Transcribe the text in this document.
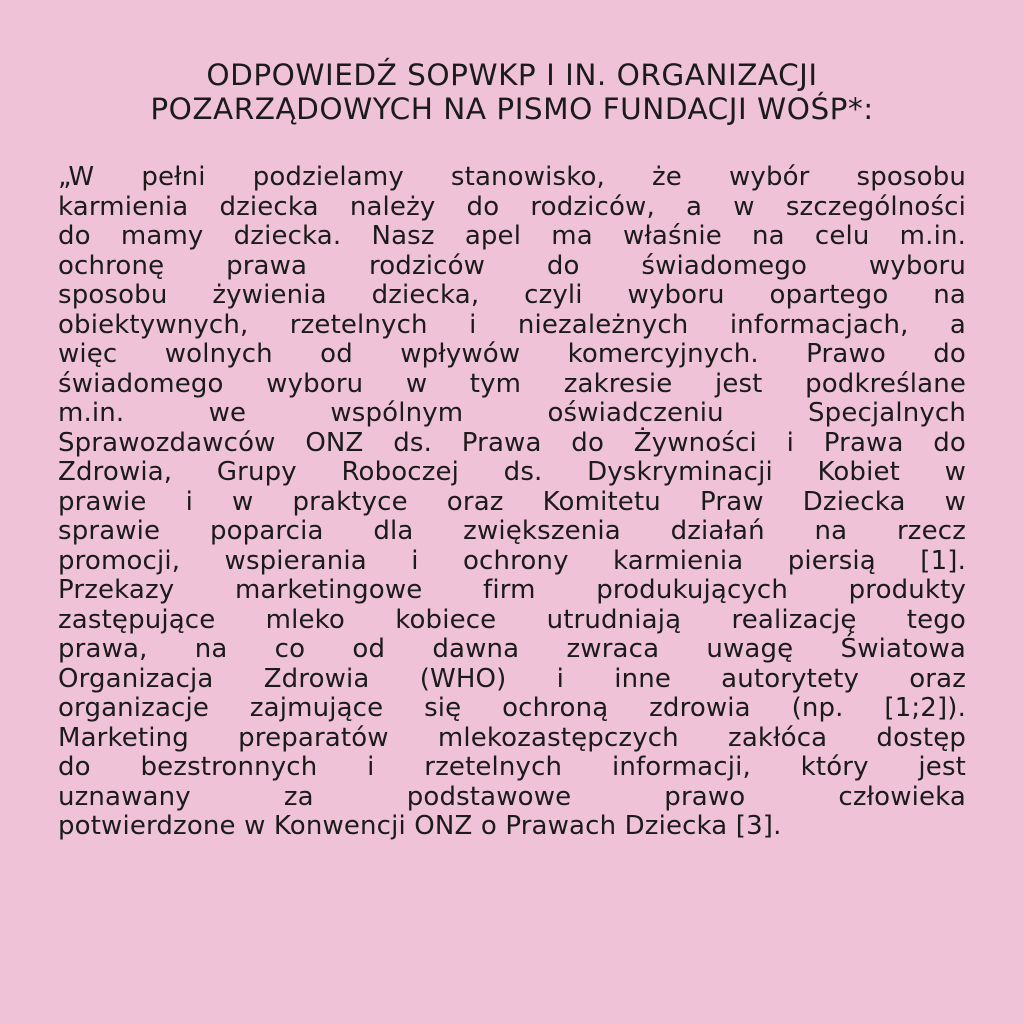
ODPOWIEDŹ SOPWKP I IN. ORGANIZACJI
POZARZĄDOWYCH NA PISMO FUNDACJI WOŚP*:
„W pełni podzielamy stanowisko, że wybór sposobu
karmienia dziecka należy do rodziców, a w szczególności
do mamy dziecka. Nasz apel ma właśnie na celu m.in.
ochronę prawa rodziców do świadomego wyboru
sposobu żywienia dziecka, czyli wyboru opartego na
obiektywnych, rzetelnych i niezależnych informacjach, a
więc wolnych od wpływów komercyjnych. Prawo do
świadomego wyboru w tym zakresie jest podkreślane
m.in. we wspólnym oświadczeniu Specjalnych
Sprawozdawców ONZ ds. Prawa do Żywności i Prawa do
Zdrowia, Grupy Roboczej ds. Dyskryminacji Kobiet w
prawie i w praktyce oraz Komitetu Praw Dziecka w
sprawie poparcia dla zwiększenia działań na rzecz
promocji, wspierania i ochrony karmienia piersią [1].
Przekazy marketingowe firm produkujących produkty
zastępujące mleko kobiece utrudniają realizację tego
prawa, na co od dawna zwraca uwagę Światowa
Organizacja Zdrowia (WHO) i inne autorytety oraz
organizacje zajmujące się ochroną zdrowia (np. [1;2]).
Marketing preparatów mlekozastępczych zakłóca dostęp
do bezstronnych i rzetelnych informacji, który jest
uznawany za podstawowe prawo człowieka
potwierdzone w Konwencji ONZ o Prawach Dziecka [3].
